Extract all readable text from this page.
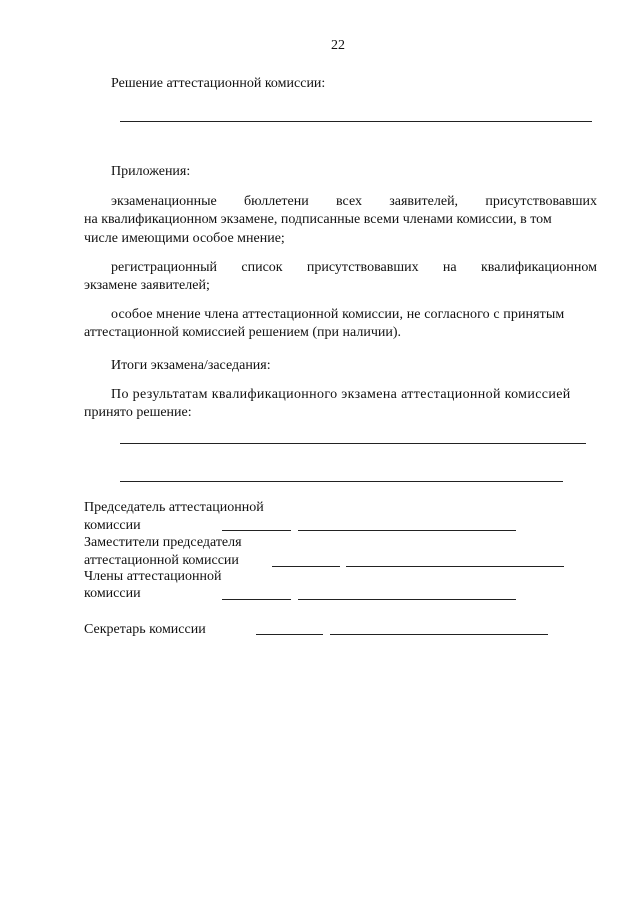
22
Решение аттестационной комиссии:
Приложения:
экзаменационные бюллетени всех заявителей, присутствовавших
на квалификационном экзамене, подписанные всеми членами комиссии, в том
числе имеющими особое мнение;
регистрационный список присутствовавших на квалификационном
экзамене заявителей;
особое мнение члена аттестационной комиссии, не согласного с принятым
аттестационной комиссией решением (при наличии).
Итоги экзамена/заседания:
По результатам квалификационного экзамена аттестационной комиссией
принято решение:
Председатель аттестационной
комиссии
Заместители председателя
аттестационной комиссии
Члены аттестационной
комиссии
Секретарь комиссии
